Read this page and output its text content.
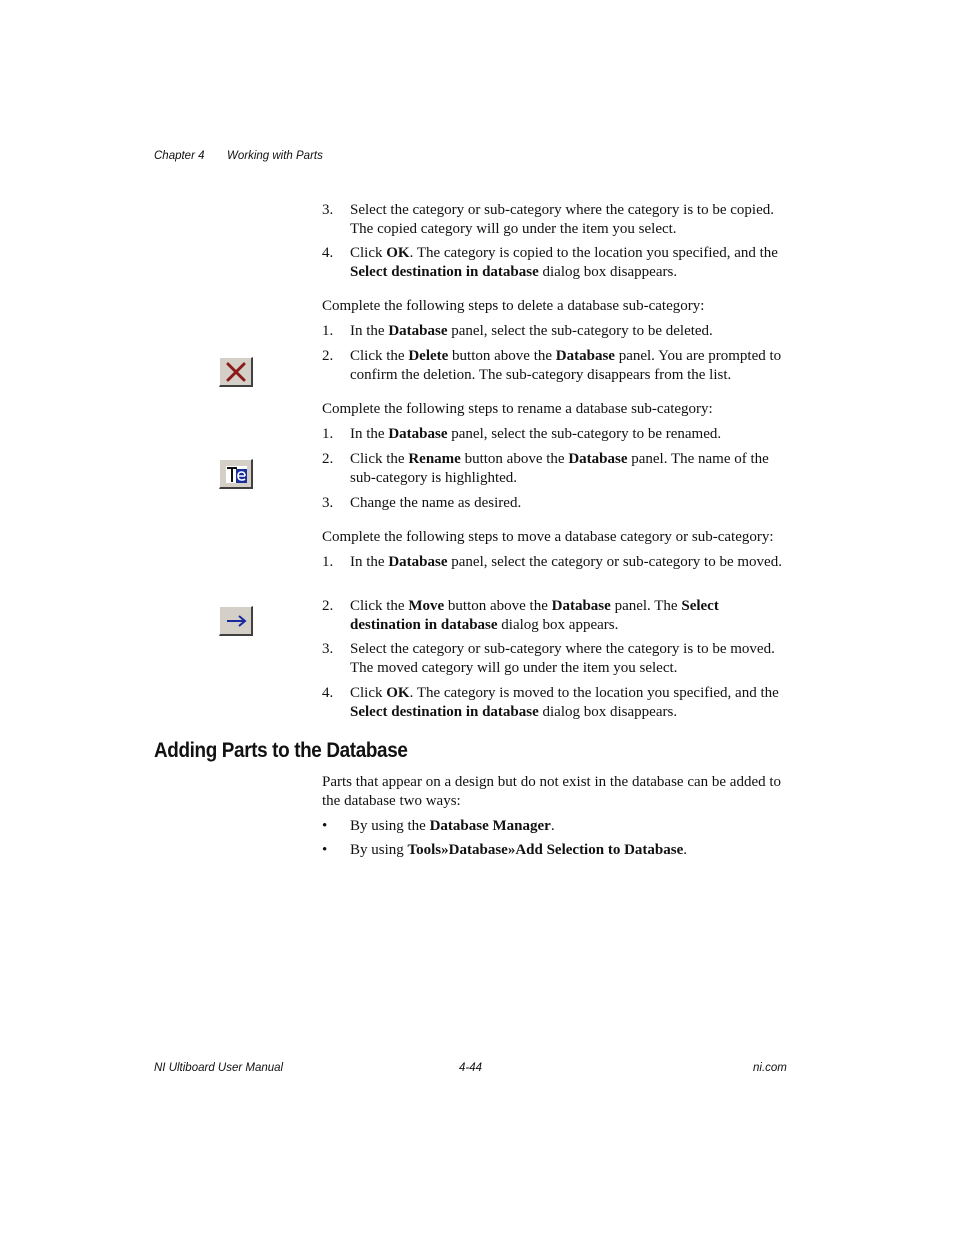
Chapter 4 Working with Parts
3. Select the category or sub-category where the category is to be copied. The copied category will go under the item you select.
4. Click OK. The category is copied to the location you specified, and the Select destination in database dialog box disappears.
Complete the following steps to delete a database sub-category:
1. In the Database panel, select the sub-category to be deleted.
2. Click the Delete button above the Database panel. You are prompted to confirm the deletion. The sub-category disappears from the list.
Complete the following steps to rename a database sub-category:
1. In the Database panel, select the sub-category to be renamed.
2. Click the Rename button above the Database panel. The name of the sub-category is highlighted.
3. Change the name as desired.
Complete the following steps to move a database category or sub-category:
1. In the Database panel, select the category or sub-category to be moved.
2. Click the Move button above the Database panel. The Select destination in database dialog box appears.
3. Select the category or sub-category where the category is to be moved. The moved category will go under the item you select.
4. Click OK. The category is moved to the location you specified, and the Select destination in database dialog box disappears.
Adding Parts to the Database
Parts that appear on a design but do not exist in the database can be added to the database two ways:
• By using the Database Manager.
• By using Tools»Database»Add Selection to Database.
NI Ultiboard User Manual	4-44	ni.com
